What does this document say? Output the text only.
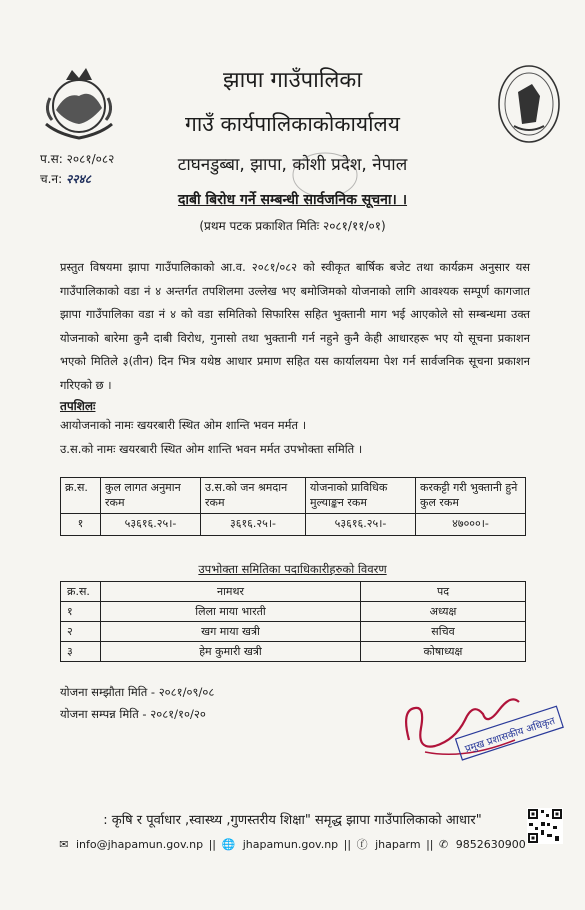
झापा गाउँपालिका
गाउँ कार्यपालिकाकोकार्यालय
टाघनडुब्बा, झापा, कोशी प्रदेश, नेपाल
प.स: २०८१/०८२
च.न: २२४८
दाबी बिरोध गर्ने सम्बन्धी सार्वजनिक सूचना। ।
(प्रथम पटक प्रकाशित मितिः २०८१/११/०१)

प्रस्तुत विषयमा झापा गाउँपालिकाको आ.व. २०८१/०८२ को स्वीकृत बार्षिक बजेट तथा कार्यक्रम अनुसार यस गाउँपालिकाको वडा नं ४ अन्तर्गत तपशिलमा उल्लेख भए बमोजिमको योजनाको लागि आवश्यक सम्पूर्ण कागजात झापा गाउँपालिका वडा नं ४ को वडा समितिको सिफारिस सहित भुक्तानी माग भई आएकोले सो सम्बन्धमा उक्त योजनाको बारेमा कुनै दाबी विरोध, गुनासो तथा भुक्तानी गर्न नहुने कुनै केही आधारहरू भए यो सूचना प्रकाशन भएको मितिले ३(तीन) दिन भित्र यथेष्ठ आधार प्रमाण सहित यस कार्यालयमा पेश गर्न सार्वजनिक सूचना प्रकाशन गरिएको छ ।

तपशिलः
आयोजनाको नामः खयरबारी स्थित ओम शान्ति भवन मर्मत ।
उ.स.को नामः खयरबारी स्थित ओम शान्ति भवन मर्मत उपभोक्ता समिति ।
क्र.स.	कुल लागत अनुमान रकम	उ.स.को जन श्रमदान रकम	योजनाको प्राविधिक मुल्याङ्कन रकम	करकट्टी गरी भुक्तानी हुने कुल रकम
१	५३६१६.२५।-	३६१६.२५।-	५३६१६.२५।-	४७०००।-
उपभोक्ता समितिका पदाधिकारीहरुको विवरण
क्र.स.	नामथर	पद
१	लिला माया भारती	अध्यक्ष
२	खग माया खत्री	सचिव
३	हेम कुमारी खत्री	कोषाध्यक्ष
योजना सम्झौता मिति - २०८१/०९/०८
योजना सम्पन्न मिति - २०८१/१०/२०
प्रमुख प्रशासकीय अधिकृत
: कृषि र पूर्वाधार ,स्वास्थ्य ,गुणस्तरीय शिक्षा" समृद्ध झापा गाउँपालिकाको आधार"
✉ info@jhapamun.gov.np || 🌐 jhapamun.gov.np || ⓕ jhaparm || ✆ 9852630900
